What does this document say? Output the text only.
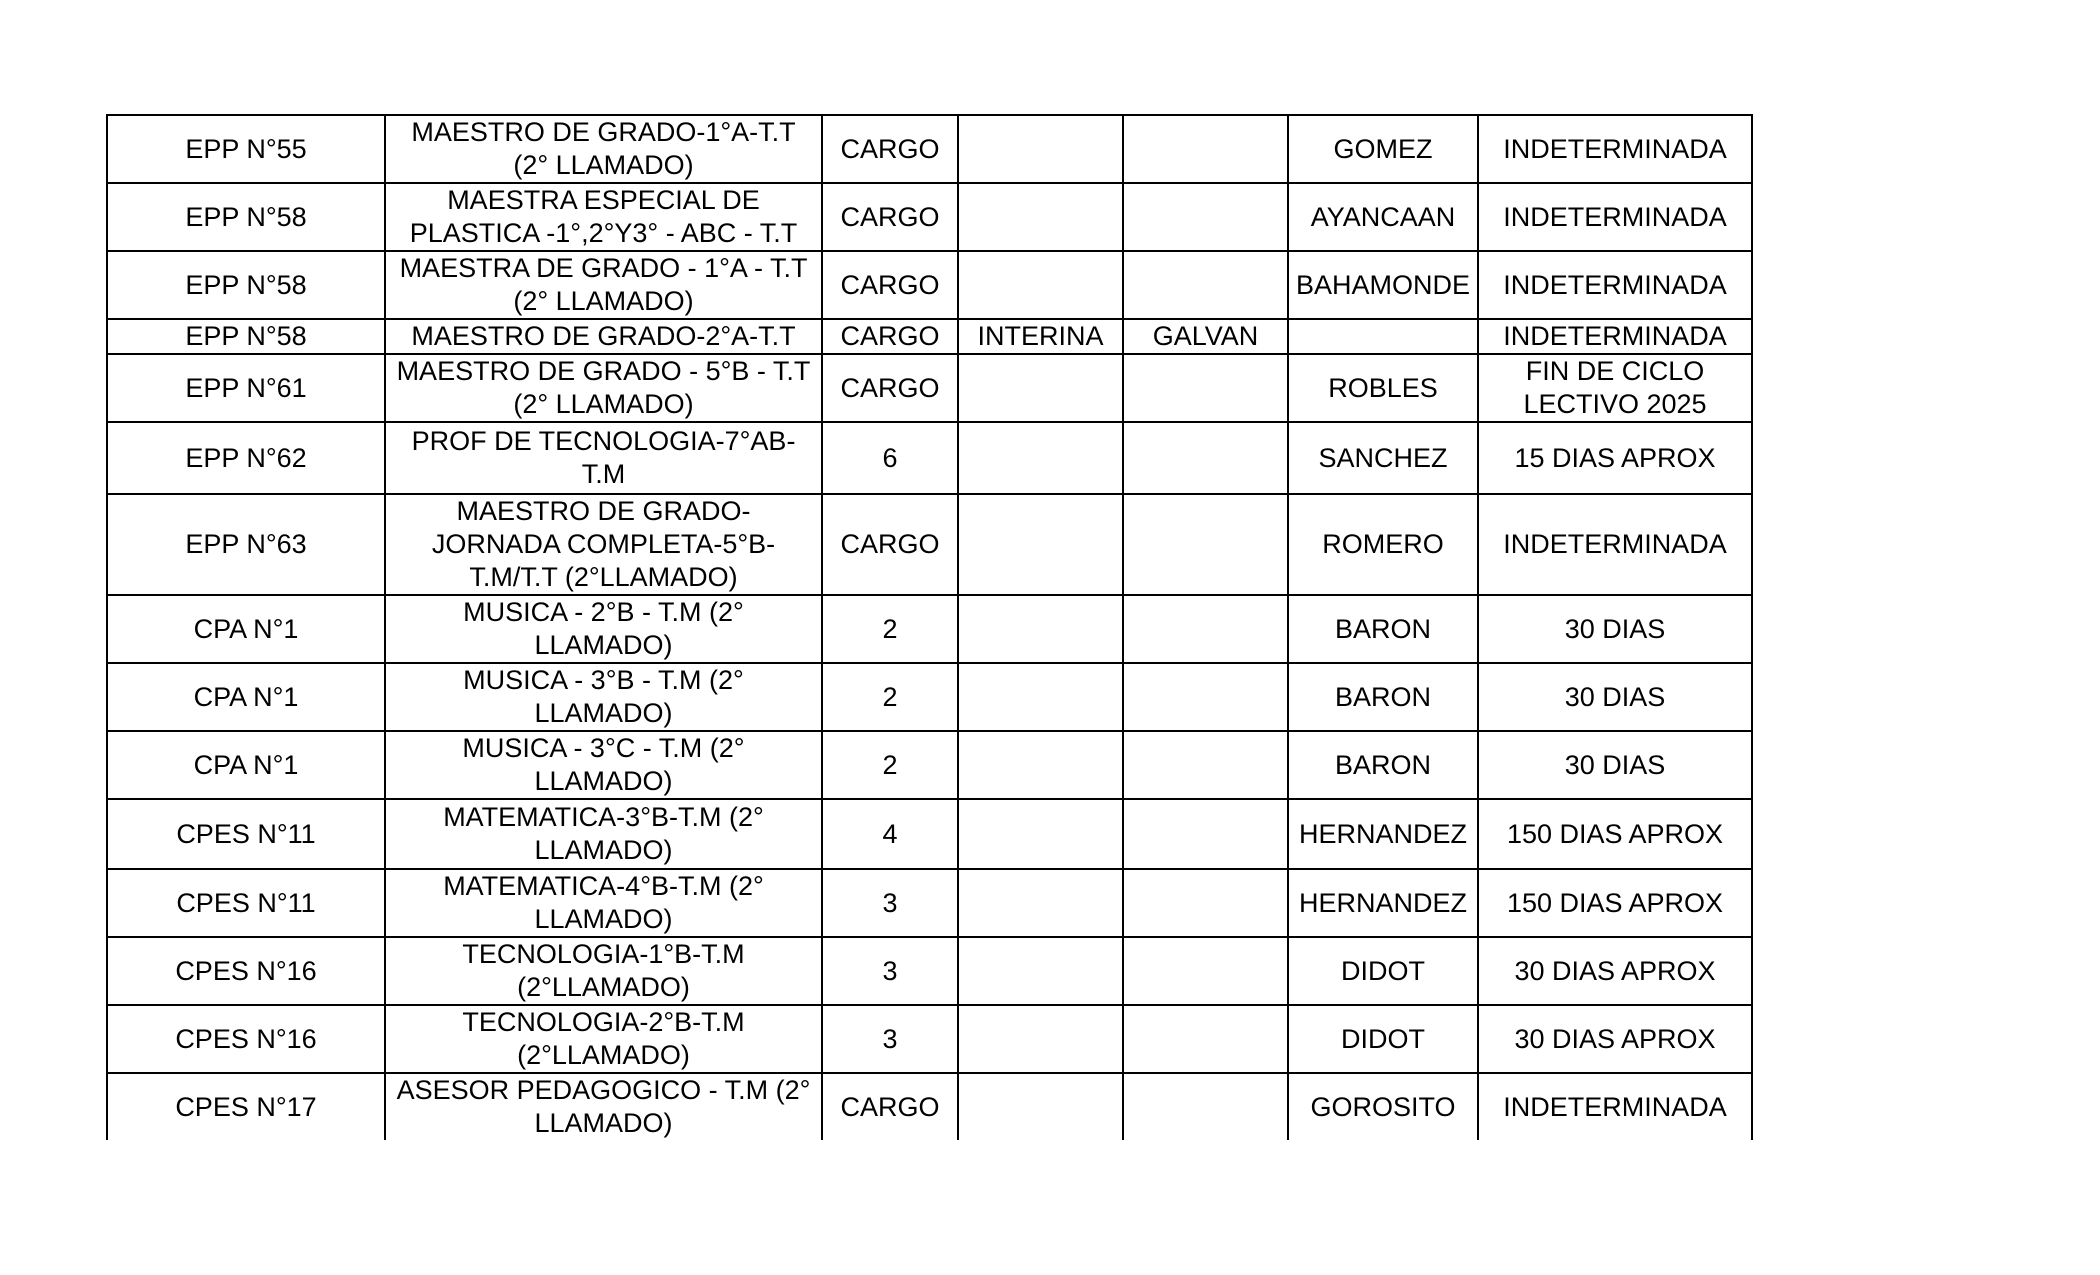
EPP N°55	MAESTRO DE GRADO-1°A-T.T
(2° LLAMADO)	CARGO			GOMEZ	INDETERMINADA

EPP N°58	MAESTRA ESPECIAL DE
PLASTICA -1°,2°Y3° - ABC - T.T	CARGO			AYANCAAN	INDETERMINADA

EPP N°58	MAESTRA DE GRADO - 1°A - T.T
(2° LLAMADO)	CARGO			BAHAMONDE	INDETERMINADA

EPP N°58	MAESTRO DE GRADO-2°A-T.T	CARGO	INTERINA	GALVAN		INDETERMINADA

EPP N°61	MAESTRO DE GRADO - 5°B - T.T
(2° LLAMADO)	CARGO			ROBLES	FIN DE CICLO
LECTIVO 2025

EPP N°62	PROF DE TECNOLOGIA-7°AB-
T.M	6			SANCHEZ	15 DIAS APROX

EPP N°63	MAESTRO DE GRADO-
JORNADA COMPLETA-5°B-
T.M/T.T (2°LLAMADO)	CARGO			ROMERO	INDETERMINADA

CPA N°1	MUSICA - 2°B - T.M (2°
LLAMADO)	2			BARON	30 DIAS

CPA N°1	MUSICA - 3°B - T.M (2°
LLAMADO)	2			BARON	30 DIAS

CPA N°1	MUSICA - 3°C - T.M (2°
LLAMADO)	2			BARON	30 DIAS

CPES N°11	MATEMATICA-3°B-T.M (2°
LLAMADO)	4			HERNANDEZ	150 DIAS APROX

CPES N°11	MATEMATICA-4°B-T.M (2°
LLAMADO)	3			HERNANDEZ	150 DIAS APROX

CPES N°16	TECNOLOGIA-1°B-T.M
(2°LLAMADO)	3			DIDOT	30 DIAS APROX

CPES N°16	TECNOLOGIA-2°B-T.M
(2°LLAMADO)	3			DIDOT	30 DIAS APROX

CPES N°17	ASESOR PEDAGOGICO - T.M (2°
LLAMADO)	CARGO			GOROSITO	INDETERMINADA
